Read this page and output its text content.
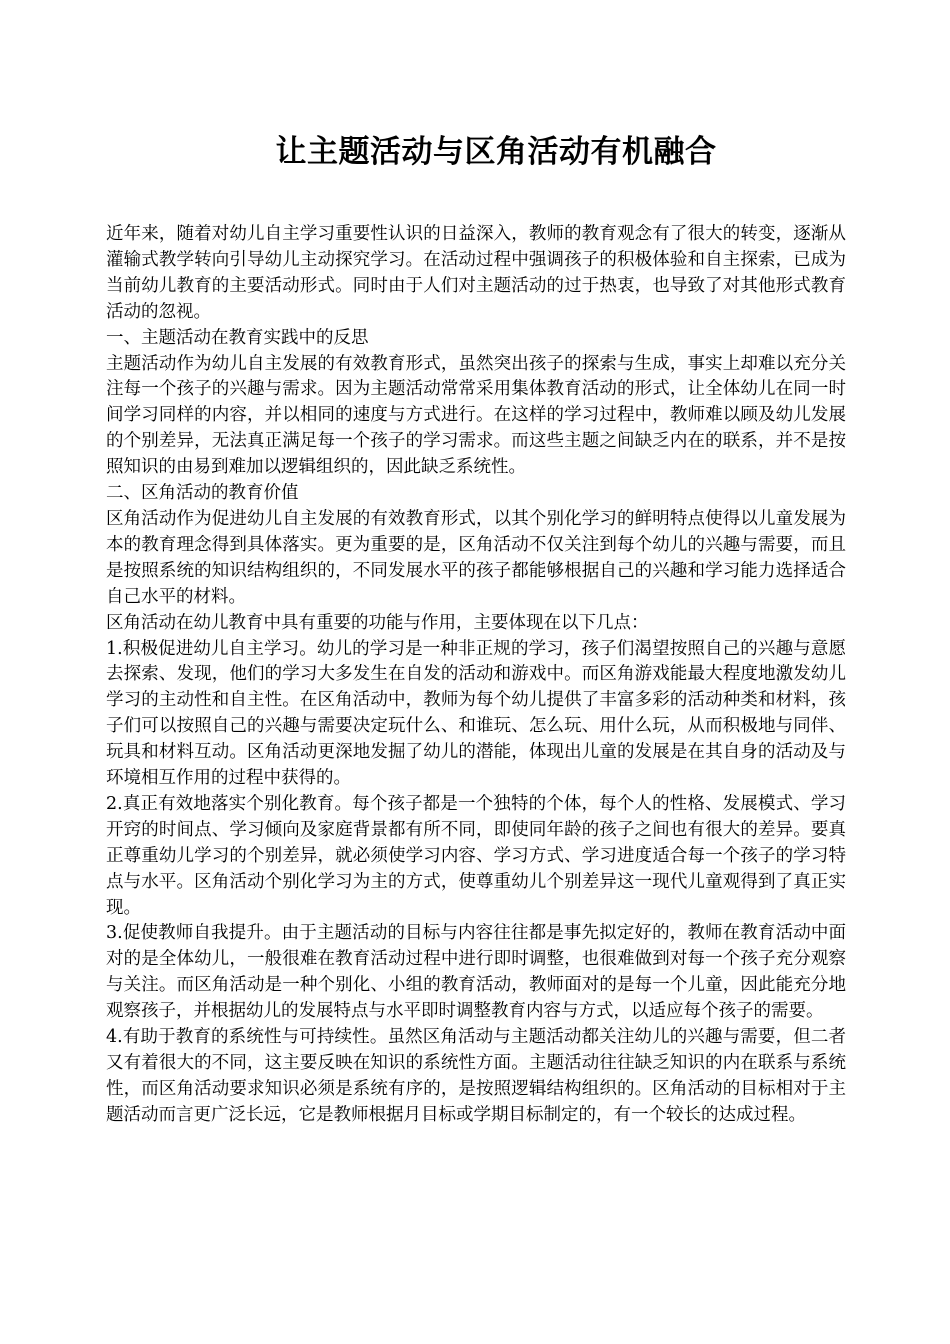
让主题活动与区角活动有机融合

近年来，随着对幼儿自主学习重要性认识的日益深入，教师的教育观念有了很大的转变，逐渐从灌输式教学转向引导幼儿主动探究学习。在活动过程中强调孩子的积极体验和自主探索，已成为当前幼儿教育的主要活动形式。同时由于人们对主题活动的过于热衷，也导致了对其他形式教育活动的忽视。

一、主题活动在教育实践中的反思

主题活动作为幼儿自主发展的有效教育形式，虽然突出孩子的探索与生成，事实上却难以充分关注每一个孩子的兴趣与需求。因为主题活动常常采用集体教育活动的形式，让全体幼儿在同一时间学习同样的内容，并以相同的速度与方式进行。在这样的学习过程中，教师难以顾及幼儿发展的个别差异，无法真正满足每一个孩子的学习需求。而这些主题之间缺乏内在的联系，并不是按照知识的由易到难加以逻辑组织的，因此缺乏系统性。

二、区角活动的教育价值

区角活动作为促进幼儿自主发展的有效教育形式，以其个别化学习的鲜明特点使得以儿童发展为本的教育理念得到具体落实。更为重要的是，区角活动不仅关注到每个幼儿的兴趣与需要，而且是按照系统的知识结构组织的，不同发展水平的孩子都能够根据自己的兴趣和学习能力选择适合自己水平的材料。

区角活动在幼儿教育中具有重要的功能与作用，主要体现在以下几点：

1.积极促进幼儿自主学习。幼儿的学习是一种非正规的学习，孩子们渴望按照自己的兴趣与意愿去探索、发现，他们的学习大多发生在自发的活动和游戏中。而区角游戏能最大程度地激发幼儿学习的主动性和自主性。在区角活动中，教师为每个幼儿提供了丰富多彩的活动种类和材料，孩子们可以按照自己的兴趣与需要决定玩什么、和谁玩、怎么玩、用什么玩，从而积极地与同伴、玩具和材料互动。区角活动更深地发掘了幼儿的潜能，体现出儿童的发展是在其自身的活动及与环境相互作用的过程中获得的。

2.真正有效地落实个别化教育。每个孩子都是一个独特的个体，每个人的性格、发展模式、学习开窍的时间点、学习倾向及家庭背景都有所不同，即使同年龄的孩子之间也有很大的差异。要真正尊重幼儿学习的个别差异，就必须使学习内容、学习方式、学习进度适合每一个孩子的学习特点与水平。区角活动个别化学习为主的方式，使尊重幼儿个别差异这一现代儿童观得到了真正实现。

3.促使教师自我提升。由于主题活动的目标与内容往往都是事先拟定好的，教师在教育活动中面对的是全体幼儿，一般很难在教育活动过程中进行即时调整，也很难做到对每一个孩子充分观察与关注。而区角活动是一种个别化、小组的教育活动，教师面对的是每一个儿童，因此能充分地观察孩子，并根据幼儿的发展特点与水平即时调整教育内容与方式，以适应每个孩子的需要。

4.有助于教育的系统性与可持续性。虽然区角活动与主题活动都关注幼儿的兴趣与需要，但二者又有着很大的不同，这主要反映在知识的系统性方面。主题活动往往缺乏知识的内在联系与系统性，而区角活动要求知识必须是系统有序的，是按照逻辑结构组织的。区角活动的目标相对于主题活动而言更广泛长远，它是教师根据月目标或学期目标制定的，有一个较长的达成过程。
